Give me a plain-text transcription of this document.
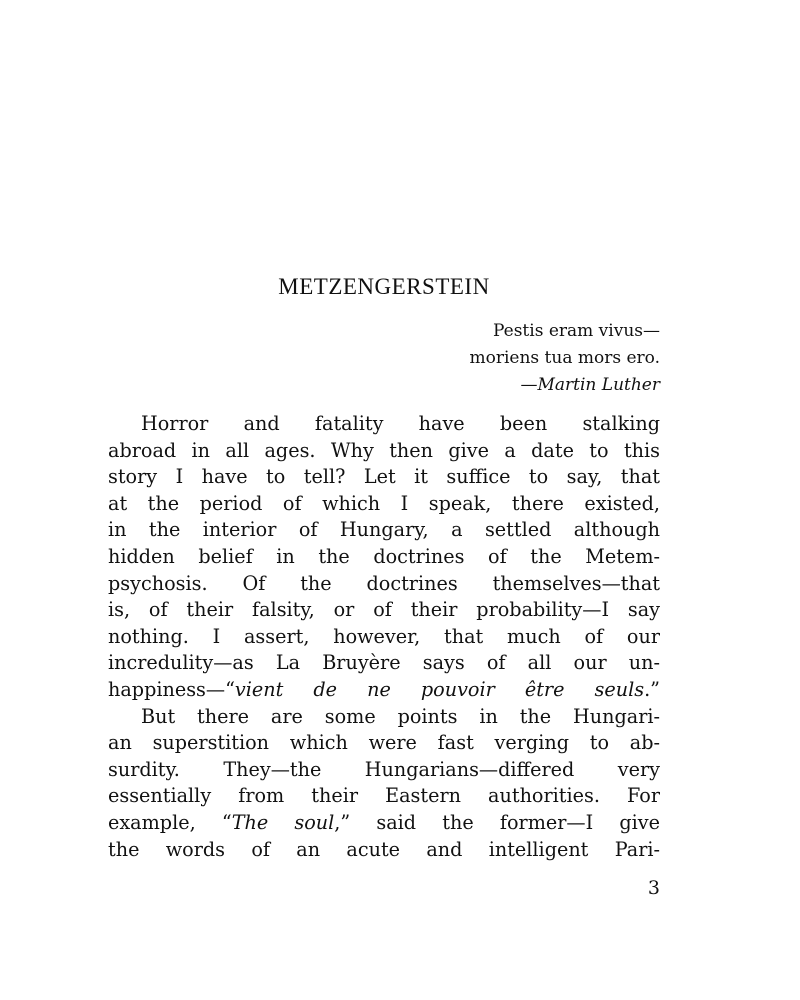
METZENGERSTEIN
Pestis eram vivus—
moriens tua mors ero.
—Martin Luther
Horror and fatality have been stalking
abroad in all ages. Why then give a date to this
story I have to tell? Let it suffice to say, that
at the period of which I speak, there existed,
in the interior of Hungary, a settled although
hidden belief in the doctrines of the Metem-
psychosis. Of the doctrines themselves—that
is, of their falsity, or of their probability—I say
nothing. I assert, however, that much of our
incredulity—as La Bruyère says of all our un-
happiness—“vient de ne pouvoir être seuls.”
But there are some points in the Hungari-
an superstition which were fast verging to ab-
surdity. They—the Hungarians—differed very
essentially from their Eastern authorities. For
example, “The soul,” said the former—I give
the words of an acute and intelligent Pari-
3
